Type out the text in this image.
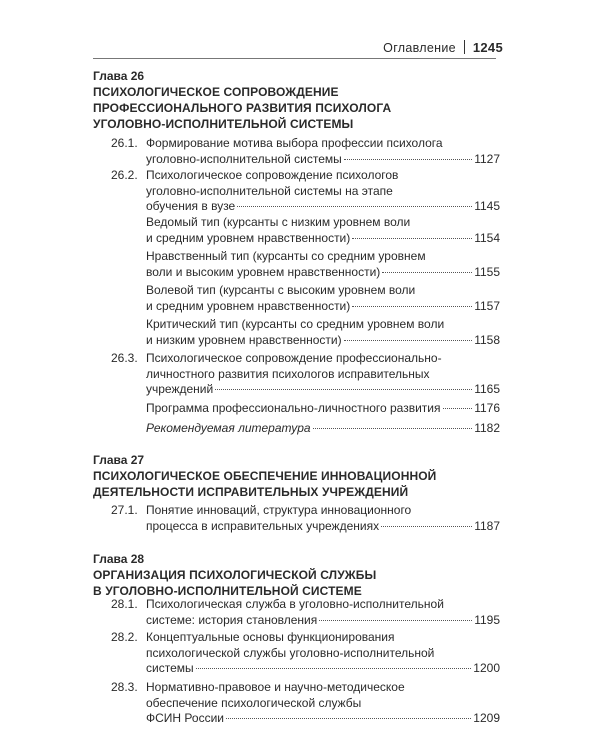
Оглавление 1245
Глава 26
ПСИХОЛОГИЧЕСКОЕ СОПРОВОЖДЕНИЕ
ПРОФЕССИОНАЛЬНОГО РАЗВИТИЯ ПСИХОЛОГА
УГОЛОВНО-ИСПОЛНИТЕЛЬНОЙ СИСТЕМЫ
26.1. Формирование мотива выбора профессии психолога
уголовно-исполнительной системы	1127
26.2. Психологическое сопровождение психологов
уголовно-исполнительной системы на этапе
обучения в вузе	1145
Ведомый тип (курсанты с низким уровнем воли
и средним уровнем нравственности)	1154
Нравственный тип (курсанты со средним уровнем
воли и высоким уровнем нравственности)	1155
Волевой тип (курсанты с высоким уровнем воли
и средним уровнем нравственности)	1157
Критический тип (курсанты со средним уровнем воли
и низким уровнем нравственности)	1158
26.3. Психологическое сопровождение профессионально-
личностного развития психологов исправительных
учреждений	1165
Программа профессионально-личностного развития	1176
Рекомендуемая литература	1182
Глава 27
ПСИХОЛОГИЧЕСКОЕ ОБЕСПЕЧЕНИЕ ИННОВАЦИОННОЙ
ДЕЯТЕЛЬНОСТИ ИСПРАВИТЕЛЬНЫХ УЧРЕЖДЕНИЙ
27.1. Понятие инноваций, структура инновационного
процесса в исправительных учреждениях	1187
Глава 28
ОРГАНИЗАЦИЯ ПСИХОЛОГИЧЕСКОЙ СЛУЖБЫ
В УГОЛОВНО-ИСПОЛНИТЕЛЬНОЙ СИСТЕМЕ
28.1. Психологическая служба в уголовно-исполнительной
системе: история становления	1195
28.2. Концептуальные основы функционирования
психологической службы уголовно-исполнительной
системы	1200
28.3. Нормативно-правовое и научно-методическое
обеспечение психологической службы
ФСИН России	1209
